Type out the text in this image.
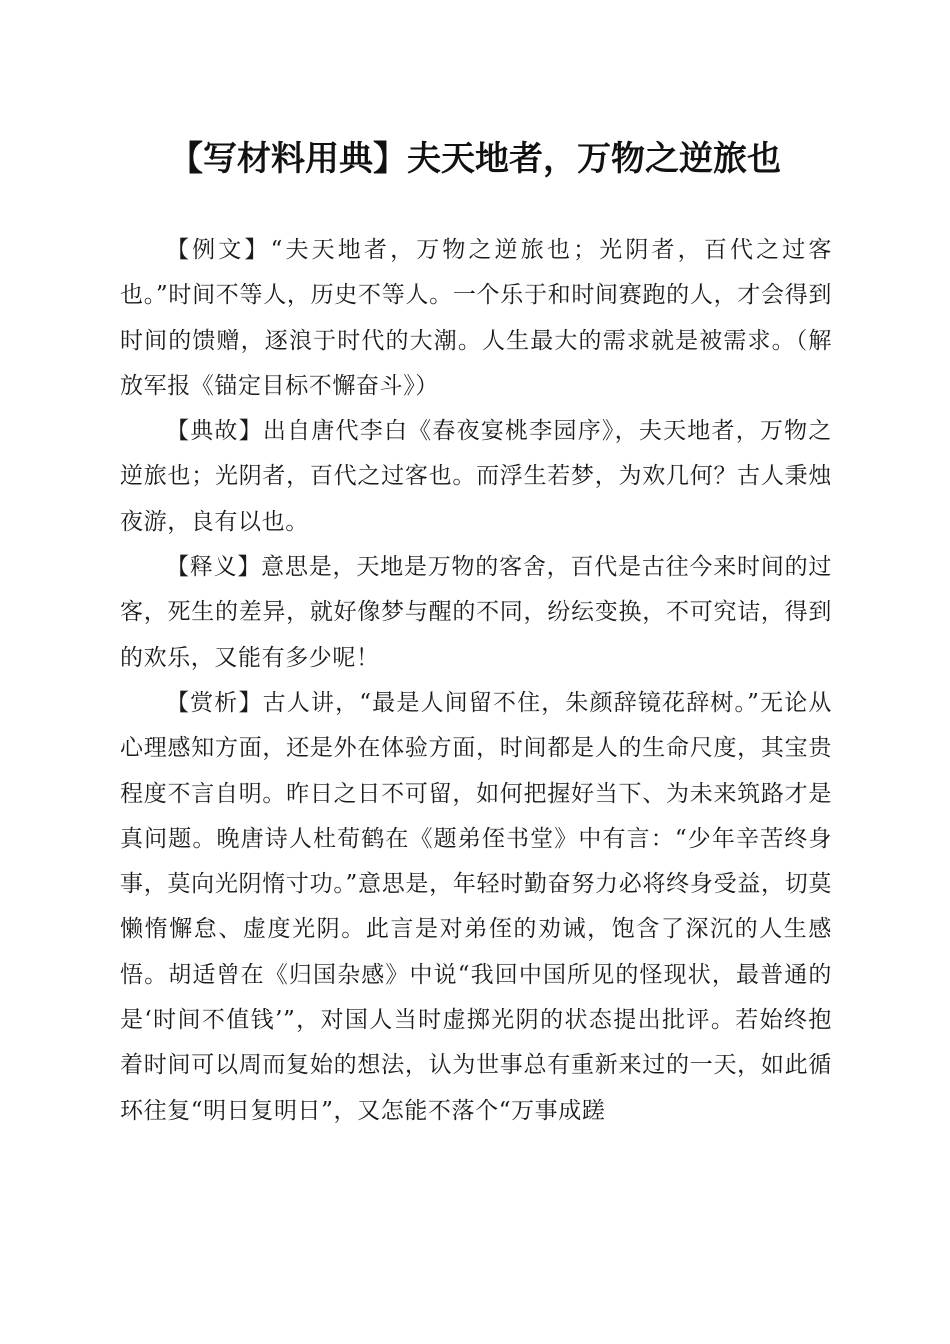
【写材料用典】夫天地者，万物之逆旅也

【例文】“夫天地者，万物之逆旅也；光阴者，百代之过客也。”时间不等人，历史不等人。一个乐于和时间赛跑的人，才会得到时间的馈赠，逐浪于时代的大潮。人生最大的需求就是被需求。（解放军报《锚定目标不懈奋斗》）

【典故】出自唐代李白《春夜宴桃李园序》，夫天地者，万物之逆旅也；光阴者，百代之过客也。而浮生若梦，为欢几何？古人秉烛夜游，良有以也。

【释义】意思是，天地是万物的客舍，百代是古往今来时间的过客，死生的差异，就好像梦与醒的不同，纷纭变换，不可究诘，得到的欢乐，又能有多少呢！

【赏析】古人讲，“最是人间留不住，朱颜辞镜花辞树。”无论从心理感知方面，还是外在体验方面，时间都是人的生命尺度，其宝贵程度不言自明。昨日之日不可留，如何把握好当下、为未来筑路才是真问题。晚唐诗人杜荀鹤在《题弟侄书堂》中有言：“少年辛苦终身事，莫向光阴惰寸功。”意思是，年轻时勤奋努力必将终身受益，切莫懒惰懈怠、虚度光阴。此言是对弟侄的劝诫，饱含了深沉的人生感悟。胡适曾在《归国杂感》中说“我回中国所见的怪现状，最普通的是‘时间不值钱’”，对国人当时虚掷光阴的状态提出批评。若始终抱着时间可以周而复始的想法，认为世事总有重新来过的一天，如此循环往复“明日复明日”，又怎能不落个“万事成蹉
